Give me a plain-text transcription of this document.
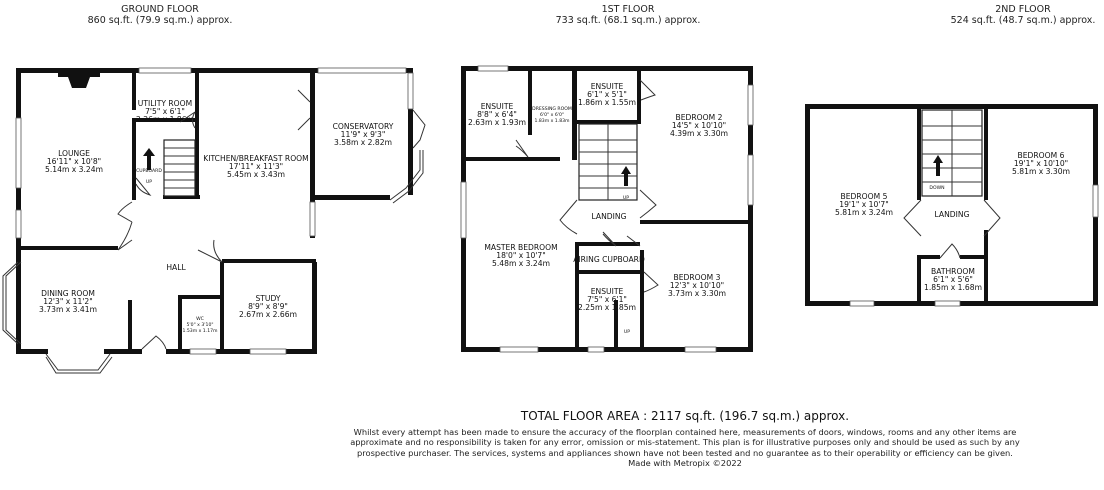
GROUND FLOOR
860 sq.ft. (79.9 sq.m.) approx.
1ST FLOOR
733 sq.ft. (68.1 sq.m.) approx.
2ND FLOOR
524 sq.ft. (48.7 sq.m.) approx.
LOUNGE
16'11" x 10'8"
5.14m x 3.24m
UTILITY ROOM
7'5" x 6'1"
2.26m x 1.86m
KITCHEN/BREAKFAST ROOM
17'11" x 11'3"
5.45m x 3.43m
CONSERVATORY
11'9" x 9'3"
3.58m x 2.82m
DINING ROOM
12'3" x 11'2"
3.73m x 3.41m
HALL
STUDY
8'9" x 8'9"
2.67m x 2.66m
WC
5'0" x 3'10"
1.53m x 1.17m
CUPBOARD
UP
ENSUITE
8'8" x 6'4"
2.63m x 1.93m
DRESSING ROOM
6'0" x 6'0"
1.83m x 1.83m
ENSUITE
6'1" x 5'1"
1.86m x 1.55m
BEDROOM 2
14'5" x 10'10"
4.39m x 3.30m
LANDING
UP
MASTER BEDROOM
18'0" x 10'7"
5.48m x 3.24m	AIRING CUPBOARD
BEDROOM 3
12'3" x 10'10"
3.73m x 3.30m
ENSUITE
7'5" x 6'1"
2.25m x 1.85m
UP
BEDROOM 5
19'1" x 10'7"
5.81m x 3.24m	LANDING
DOWN
BEDROOM 6
19'1" x 10'10"
5.81m x 3.30m
BATHROOM
6'1" x 5'6"
1.85m x 1.68m
TOTAL FLOOR AREA : 2117 sq.ft. (196.7 sq.m.) approx.
Whilst every attempt has been made to ensure the accuracy of the floorplan contained here, measurements of doors, windows, rooms and any other items are approximate and no responsibility is taken for any error, omission or mis-statement. This plan is for illustrative purposes only and should be used as such by any prospective purchaser. The services, systems and appliances shown have not been tested and no guarantee as to their operability or efficiency can be given.
Made with Metropix ©2022
